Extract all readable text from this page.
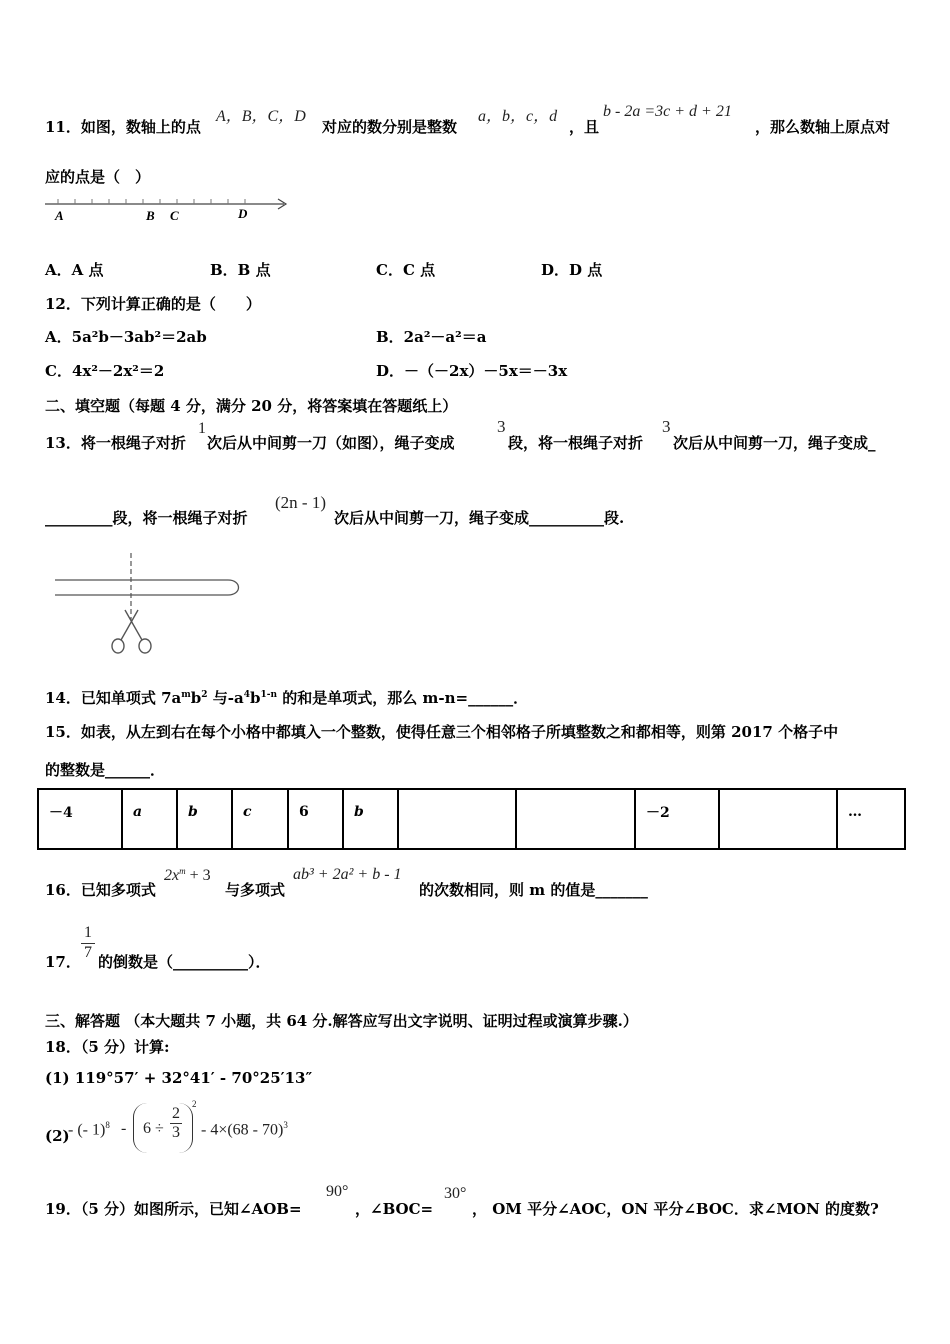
11．如图，数轴上的点
A，B，C，D
对应的数分别是整数
a，b，c，d
，且
b - 2a =3c + d + 21
，那么数轴上原点对
应的点是（　）
A	B C	D
A．A 点	B．B 点	C．C 点	D．D 点
12．下列计算正确的是（　　）
A．5a²b－3ab²＝2ab	B．2a²－a²＝a
C．4x²－2x²＝2	D．－（－2x）－5x＝－3x
二、填空题（每题 4 分，满分 20 分，将答案填在答题纸上）
13．将一根绳子对折
1
次后从中间剪一刀（如图），绳子变成
3
段，将一根绳子对折
3
次后从中间剪一刀，绳子变成_
_________段，将一根绳子对折
(2n - 1)
次后从中间剪一刀，绳子变成__________段.
14．已知单项式 $7a^mb^2$ 与$-a^4b^{1-n}$ 的和是单项式，那么 m-n=______．
15．如表，从左到右在每个小格中都填入一个整数，使得任意三个相邻格子所填整数之和都相等，则第 2017 个格子中
的整数是______．
－4	a	b	c	6	b			－2		…
16．已知多项式
$2x^m + 3$
与多项式
ab³ + 2a² + b - 1
的次数相同，则 m 的值是_______
17． $\frac{1}{7}$ 的倒数是（__________）．
三、解答题 （本大题共 7 小题，共 64 分.解答应写出文字说明、证明过程或演算步骤.）
18．（5 分）计算:
(1) 119°57′ + 32°41′ - 70°25′13″
(2)
- (- $1)^8 - 6 \div \frac{2}{3}$
2
- 4×(68 - 70)$^3$
19．（5 分）如图所示，已知∠AOB=
90°
，∠BOC=
30°
， OM 平分∠AOC，ON 平分∠BOC．求∠MON 的度数?
